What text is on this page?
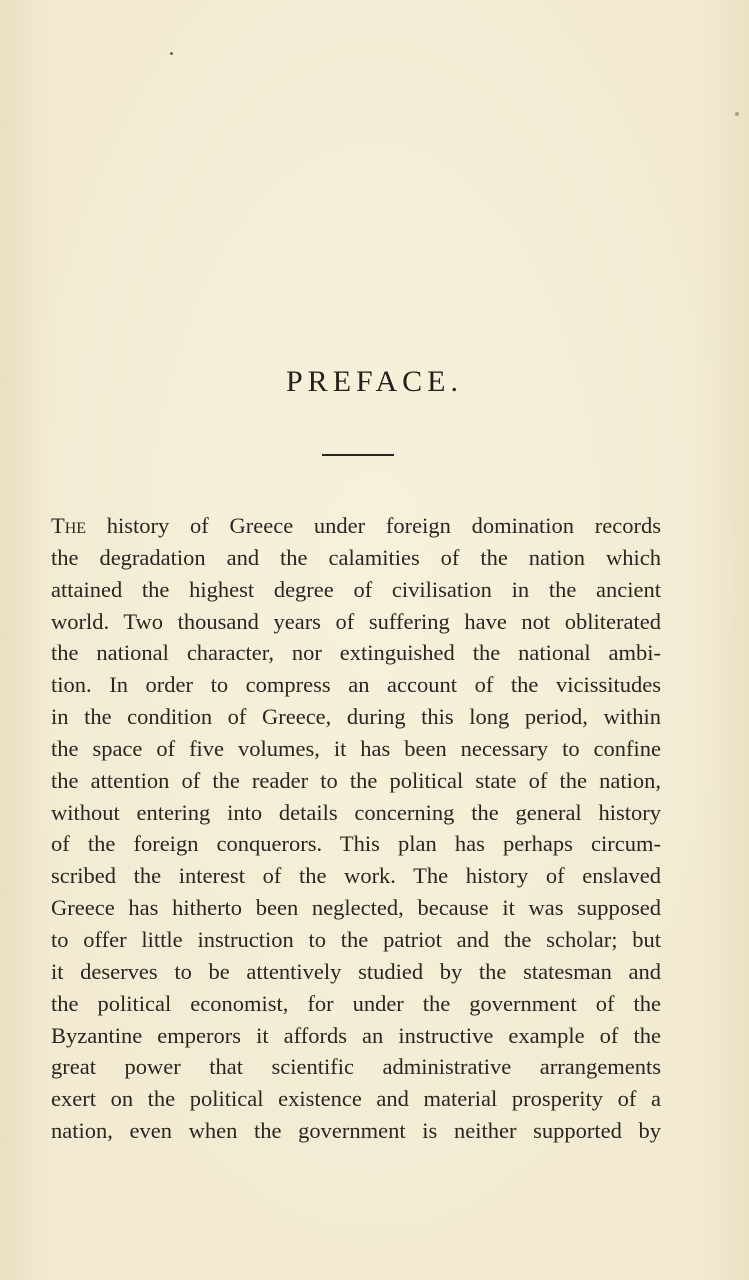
PREFACE.
The history of Greece under foreign domination records
the degradation and the calamities of the nation which
attained the highest degree of civilisation in the ancient
world. Two thousand years of suffering have not obliterated
the national character, nor extinguished the national ambi-
tion. In order to compress an account of the vicissitudes
in the condition of Greece, during this long period, within
the space of five volumes, it has been necessary to confine
the attention of the reader to the political state of the nation,
without entering into details concerning the general history
of the foreign conquerors. This plan has perhaps circum-
scribed the interest of the work. The history of enslaved
Greece has hitherto been neglected, because it was supposed
to offer little instruction to the patriot and the scholar; but
it deserves to be attentively studied by the statesman and
the political economist, for under the government of the
Byzantine emperors it affords an instructive example of the
great power that scientific administrative arrangements
exert on the political existence and material prosperity of a
nation, even when the government is neither supported by
